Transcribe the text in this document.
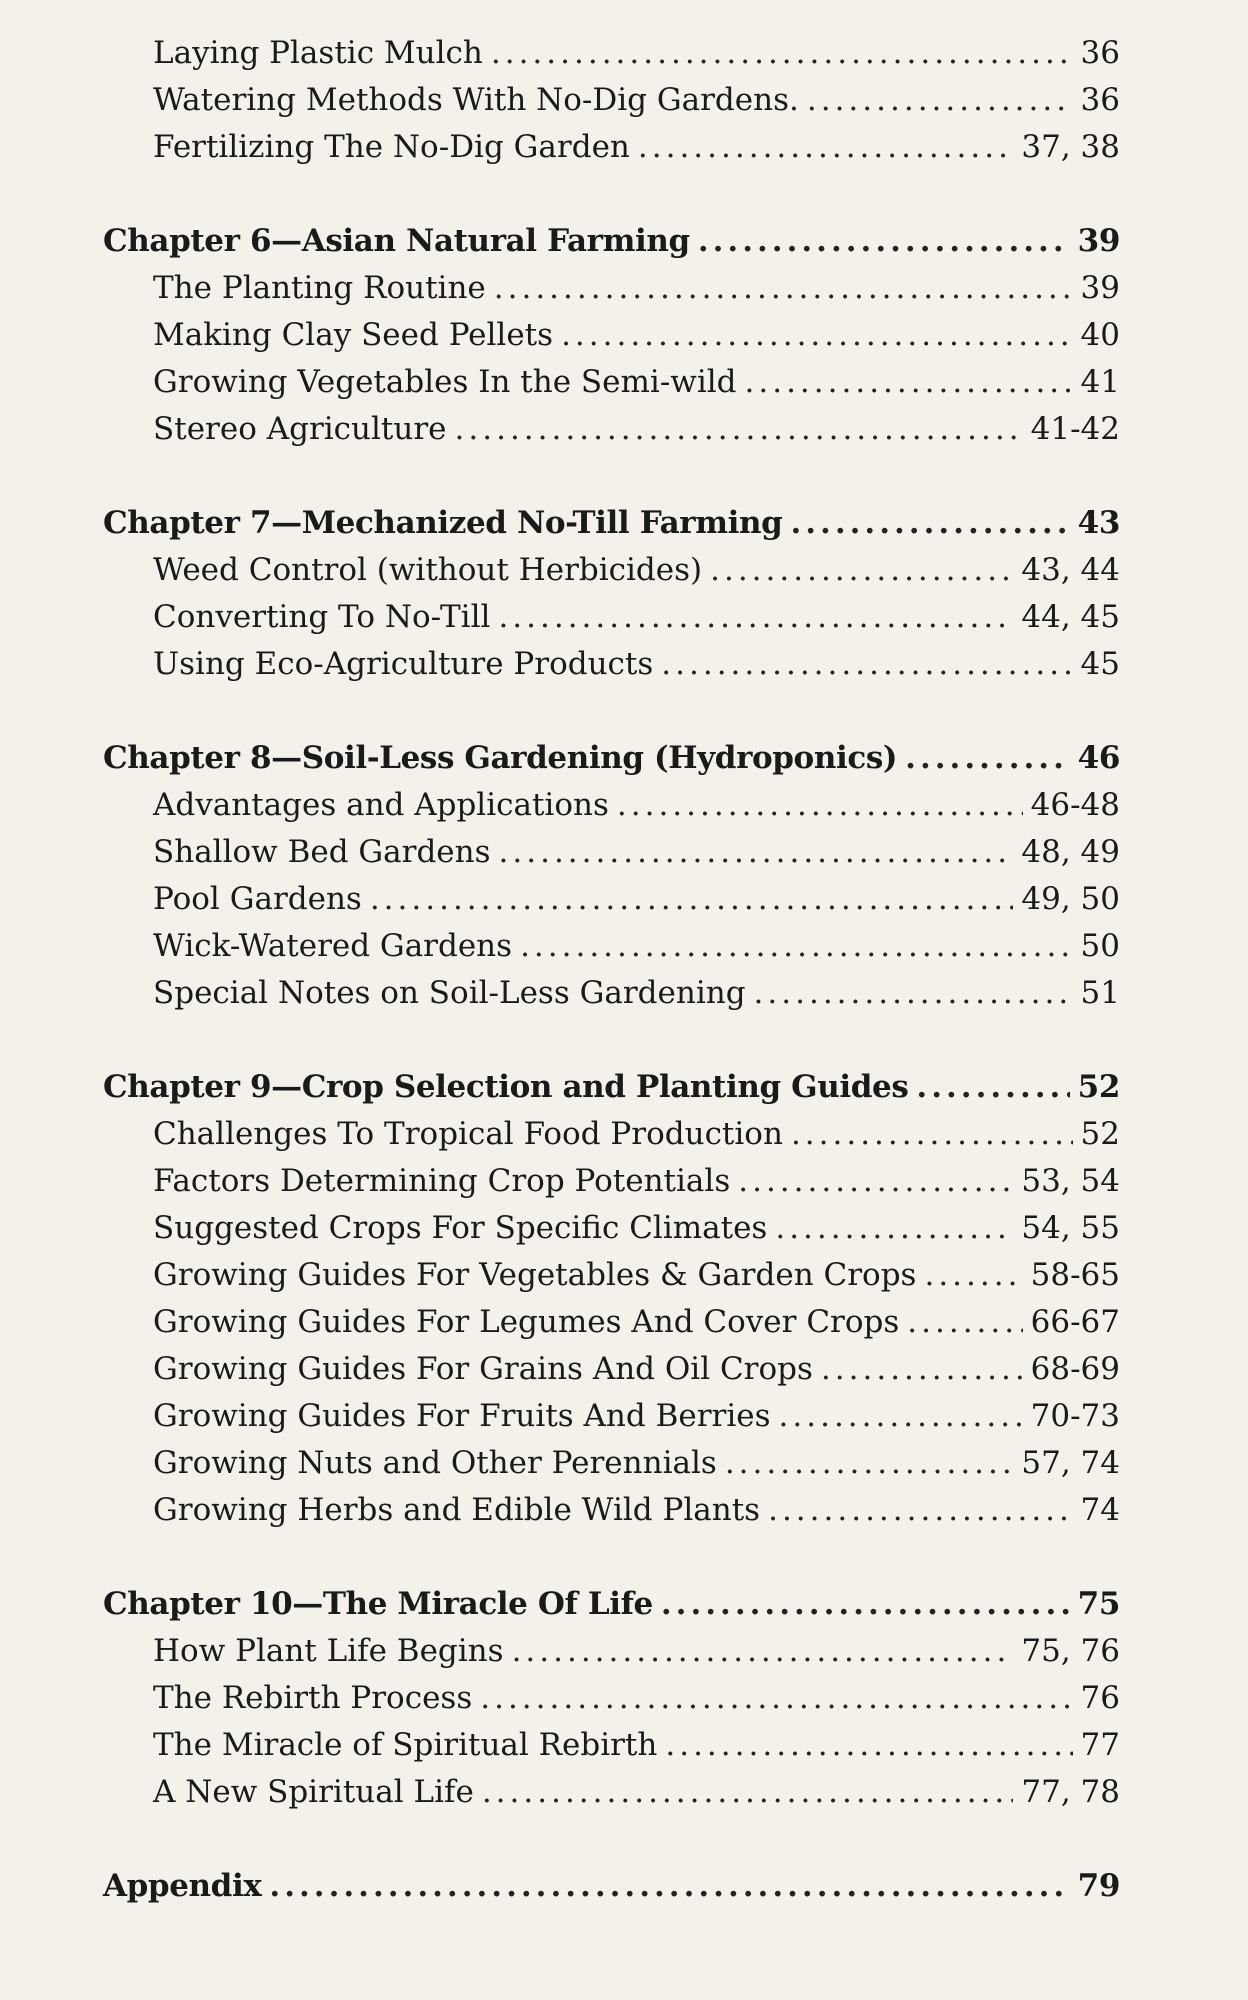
Laying Plastic Mulch .....	36
Watering Methods With No-Dig Gardens. .....	36
Fertilizing The No-Dig Garden .....	37, 38
Chapter 6—Asian Natural Farming .....	39
The Planting Routine .....	39
Making Clay Seed Pellets .....	40
Growing Vegetables In the Semi-wild .....	41
Stereo Agriculture .....	41-42
Chapter 7—Mechanized No-Till Farming .....	43
Weed Control (without Herbicides) .....	43, 44
Converting To No-Till .....	44, 45
Using Eco-Agriculture Products .....	45
Chapter 8—Soil-Less Gardening (Hydroponics) .....	46
Advantages and Applications .....	46-48
Shallow Bed Gardens .....	48, 49
Pool Gardens .....	49, 50
Wick-Watered Gardens .....	50
Special Notes on Soil-Less Gardening .....	51
Chapter 9—Crop Selection and Planting Guides .....	52
Challenges To Tropical Food Production .....	52
Factors Determining Crop Potentials .....	53, 54
Suggested Crops For Specific Climates .....	54, 55
Growing Guides For Vegetables & Garden Crops .....	58-65
Growing Guides For Legumes And Cover Crops .....	66-67
Growing Guides For Grains And Oil Crops .....	68-69
Growing Guides For Fruits And Berries .....	70-73
Growing Nuts and Other Perennials .....	57, 74
Growing Herbs and Edible Wild Plants .....	74
Chapter 10—The Miracle Of Life .....	75
How Plant Life Begins .....	75, 76
The Rebirth Process .....	76
The Miracle of Spiritual Rebirth .....	77
A New Spiritual Life .....	77, 78
Appendix .....	79
